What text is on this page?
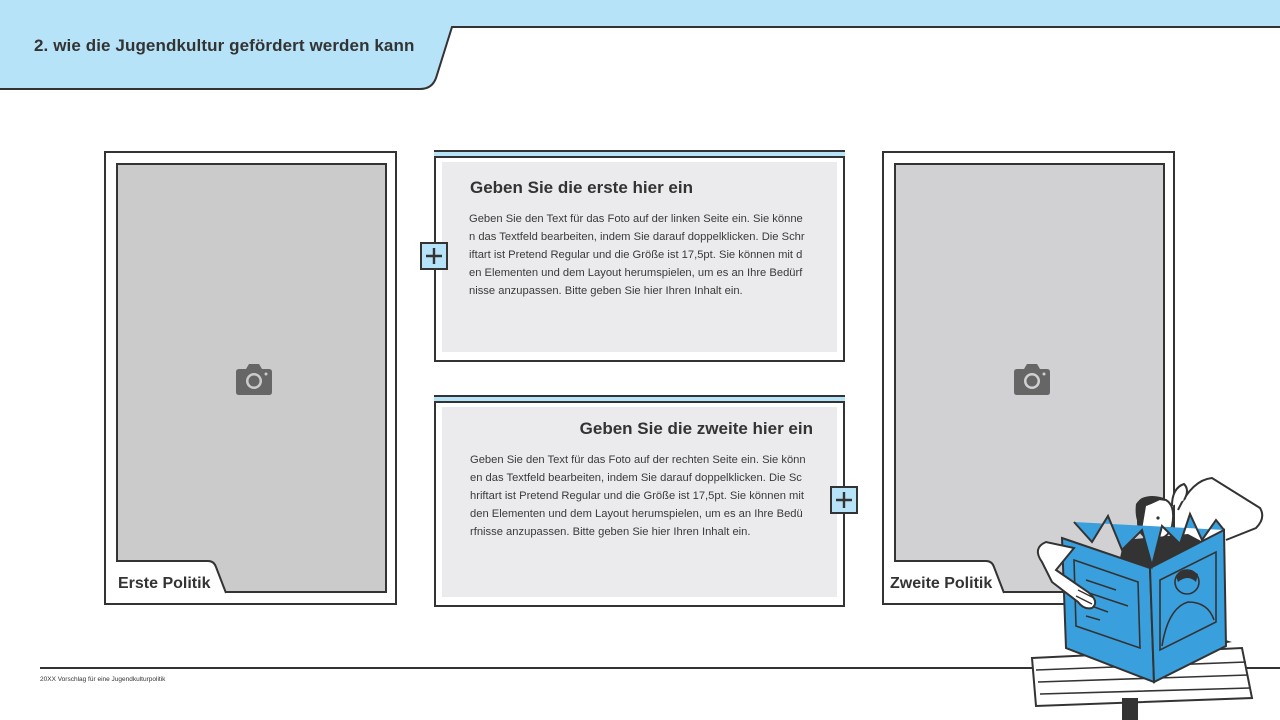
2. wie die Jugendkultur gefördert werden kann
Erste Politik	Zweite Politik
Geben Sie die erste hier ein
Geben Sie den Text für das Foto auf der linken Seite ein. Sie können das Textfeld bearbeiten, indem Sie darauf doppelklicken. Die Schriftart ist Pretend Regular und die Größe ist 17,5pt. Sie können mit den Elementen und dem Layout herumspielen, um es an Ihre Bedürfnisse anzupassen. Bitte geben Sie hier Ihren Inhalt ein.
Geben Sie die zweite hier ein
Geben Sie den Text für das Foto auf der rechten Seite ein. Sie können das Textfeld bearbeiten, indem Sie darauf doppelklicken. Die Schriftart ist Pretend Regular und die Größe ist 17,5pt. Sie können mit den Elementen und dem Layout herumspielen, um es an Ihre Bedürfnisse anzupassen. Bitte geben Sie hier Ihren Inhalt ein.
20XX Vorschlag für eine Jugendkulturpolitik
